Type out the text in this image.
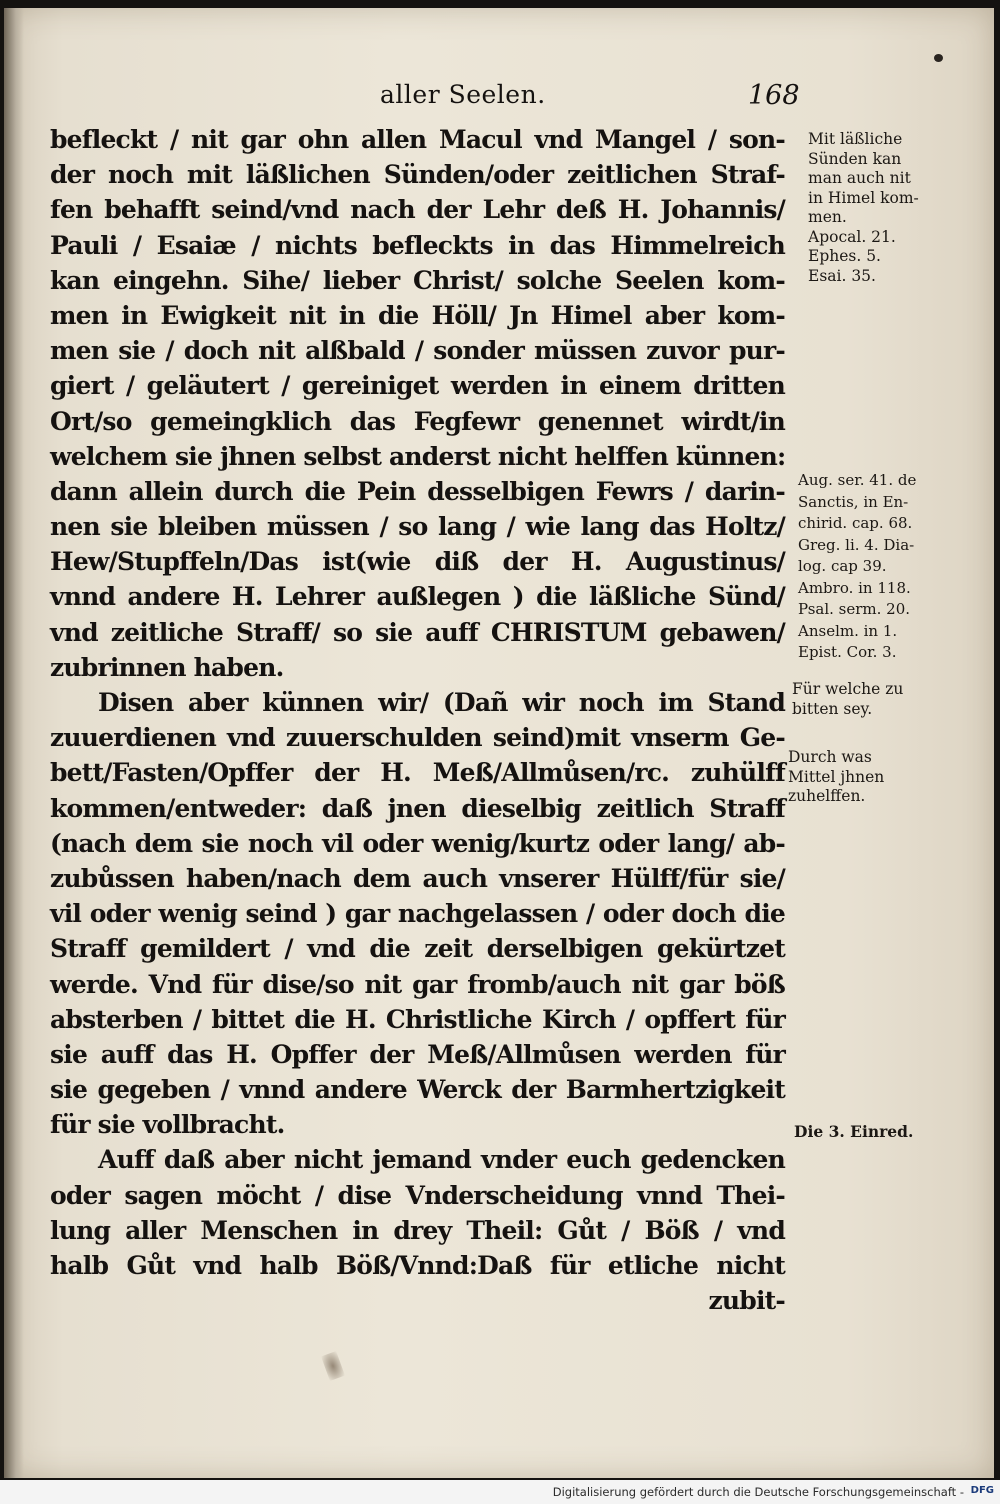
aller Seelen.	168
befleckt / nit gar ohn allen Macul vnd Mangel / son-
der noch mit läßlichen Sünden/oder zeitlichen Straf-
fen behafft seind/vnd nach der Lehr deß H. Johannis/
Pauli / Esaiæ / nichts befleckts in das Himmelreich
kan eingehn. Sihe/ lieber Christ/ solche Seelen kom-
men in Ewigkeit nit in die Höll/ Jn Himel aber kom-
men sie / doch nit alßbald / sonder müssen zuvor pur-
giert / geläutert / gereiniget werden in einem dritten
Ort/so gemeingklich das Fegfewr genennet wirdt/in
welchem sie jhnen selbst anderst nicht helffen künnen:
dann allein durch die Pein desselbigen Fewrs / darin-
nen sie bleiben müssen / so lang / wie lang das Holtz/
Hew/Stupffeln/Das ist(wie diß der H. Augustinus/
vnnd andere H. Lehrer außlegen ) die läßliche Sünd/
vnd zeitliche Straff/ so sie auff CHRISTUM gebawen/
zubrinnen haben.
Disen aber künnen wir/ (Dañ wir noch im Stand
zuuerdienen vnd zuuerschulden seind)mit vnserm Ge-
bett/Fasten/Opffer der H. Meß/Allmůsen/rc. zuhülff
kommen/entweder: daß jnen dieselbig zeitlich Straff
(nach dem sie noch vil oder wenig/kurtz oder lang/ ab-
zubůssen haben/nach dem auch vnserer Hülff/für sie/
vil oder wenig seind ) gar nachgelassen / oder doch die
Straff gemildert / vnd die zeit derselbigen gekürtzet
werde. Vnd für dise/so nit gar fromb/auch nit gar böß
absterben / bittet die H. Christliche Kirch / opffert für
sie auff das H. Opffer der Meß/Allmůsen werden für
sie gegeben / vnnd andere Werck der Barmhertzigkeit
für sie vollbracht.
Auff daß aber nicht jemand vnder euch gedencken
oder sagen möcht / dise Vnderscheidung vnnd Thei-
lung aller Menschen in drey Theil: Gůt / Böß / vnd
halb Gůt vnd halb Böß/Vnnd:Daß für etliche nicht
zubit-
Mit läßliche
Sünden kan
man auch nit
in Himel kom-
men.
Apocal. 21.
Ephes. 5.
Esai. 35.
Aug. ser. 41. de
Sanctis, in En-
chirid. cap. 68.
Greg. li. 4. Dia-
log. cap 39.
Ambro. in 118.
Psal. serm. 20.
Anselm. in 1.
Epist. Cor. 3.
Für welche zu
bitten sey.
Durch was
Mittel jhnen
zuhelffen.
Die 3. Einred.
Digitalisierung gefördert durch die Deutsche Forschungsgemeinschaft - DFG
